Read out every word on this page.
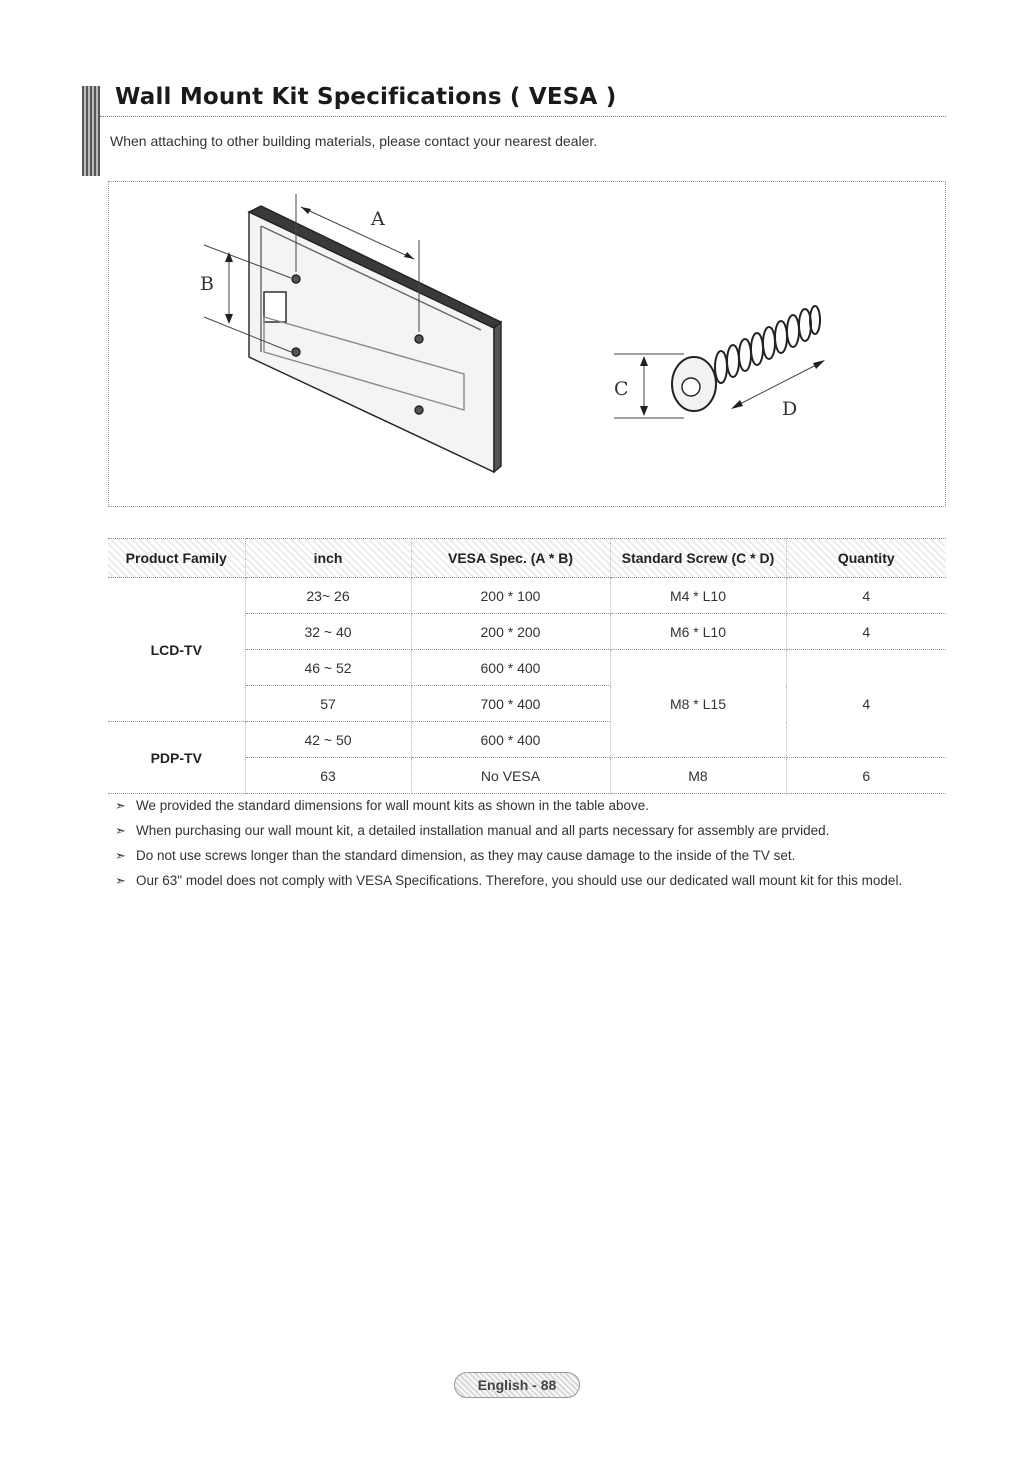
Wall Mount Kit Specifications ( VESA )

When attaching to other building materials, please contact your nearest dealer.

A
B
C
D
Product Family	inch	VESA Spec. (A * B)	Standard Screw (C * D)	Quantity
LCD-TV	23~ 26	200 * 100	M4 * L10	4
	32 ~ 40	200 * 200	M6 * L10	4
	46 ~ 52	600 * 400	M8 * L15	4
	57	700 * 400		
PDP-TV	42 ~ 50	600 * 400		
	63	No VESA	M8	6
➣ We provided the standard dimensions for wall mount kits as shown in the table above.
➣ When purchasing our wall mount kit, a detailed installation manual and all parts necessary for assembly are prvided.
➣ Do not use screws longer than the standard dimension, as they may cause damage to the inside of the TV set.
➣ Our 63" model does not comply with VESA Specifications. Therefore, you should use our dedicated wall mount kit for this model.
English - 88
